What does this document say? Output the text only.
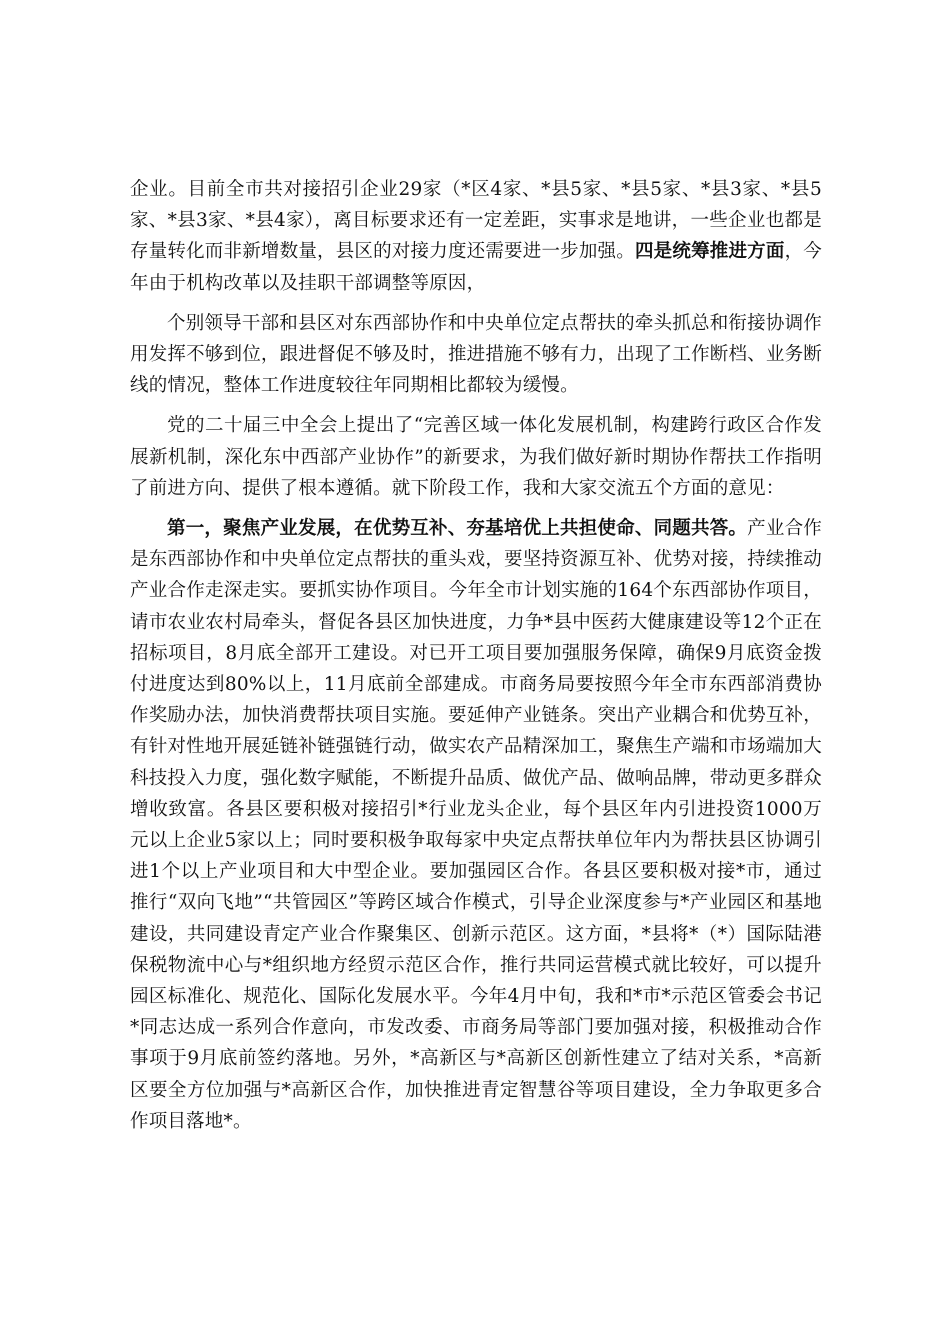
企业。目前全市共对接招引企业29家（*区4家、*县5家、*县5家、*县3家、*县5家、*县3家、*县4家），离目标要求还有一定差距，实事求是地讲，一些企业也都是存量转化而非新增数量，县区的对接力度还需要进一步加强。四是统筹推进方面，今年由于机构改革以及挂职干部调整等原因，

个别领导干部和县区对东西部协作和中央单位定点帮扶的牵头抓总和衔接协调作用发挥不够到位，跟进督促不够及时，推进措施不够有力，出现了工作断档、业务断线的情况，整体工作进度较往年同期相比都较为缓慢。

党的二十届三中全会上提出了“完善区域一体化发展机制，构建跨行政区合作发展新机制，深化东中西部产业协作”的新要求，为我们做好新时期协作帮扶工作指明了前进方向、提供了根本遵循。就下阶段工作，我和大家交流五个方面的意见：

第一，聚焦产业发展，在优势互补、夯基培优上共担使命、同题共答。产业合作是东西部协作和中央单位定点帮扶的重头戏，要坚持资源互补、优势对接，持续推动产业合作走深走实。要抓实协作项目。今年全市计划实施的164个东西部协作项目，请市农业农村局牵头，督促各县区加快进度，力争*县中医药大健康建设等12个正在招标项目，8月底全部开工建设。对已开工项目要加强服务保障，确保9月底资金拨付进度达到80%以上，11月底前全部建成。市商务局要按照今年全市东西部消费协作奖励办法，加快消费帮扶项目实施。要延伸产业链条。突出产业耦合和优势互补，有针对性地开展延链补链强链行动，做实农产品精深加工，聚焦生产端和市场端加大科技投入力度，强化数字赋能，不断提升品质、做优产品、做响品牌，带动更多群众增收致富。各县区要积极对接招引*行业龙头企业，每个县区年内引进投资1000万元以上企业5家以上；同时要积极争取每家中央定点帮扶单位年内为帮扶县区协调引进1个以上产业项目和大中型企业。要加强园区合作。各县区要积极对接*市，通过推行“双向飞地”“共管园区”等跨区域合作模式，引导企业深度参与*产业园区和基地建设，共同建设青定产业合作聚集区、创新示范区。这方面，*县将*（*）国际陆港保税物流中心与*组织地方经贸示范区合作，推行共同运营模式就比较好，可以提升园区标准化、规范化、国际化发展水平。今年4月中旬，我和*市*示范区管委会书记*同志达成一系列合作意向，市发改委、市商务局等部门要加强对接，积极推动合作事项于9月底前签约落地。另外，*高新区与*高新区创新性建立了结对关系，*高新区要全方位加强与*高新区合作，加快推进青定智慧谷等项目建设，全力争取更多合作项目落地*。
